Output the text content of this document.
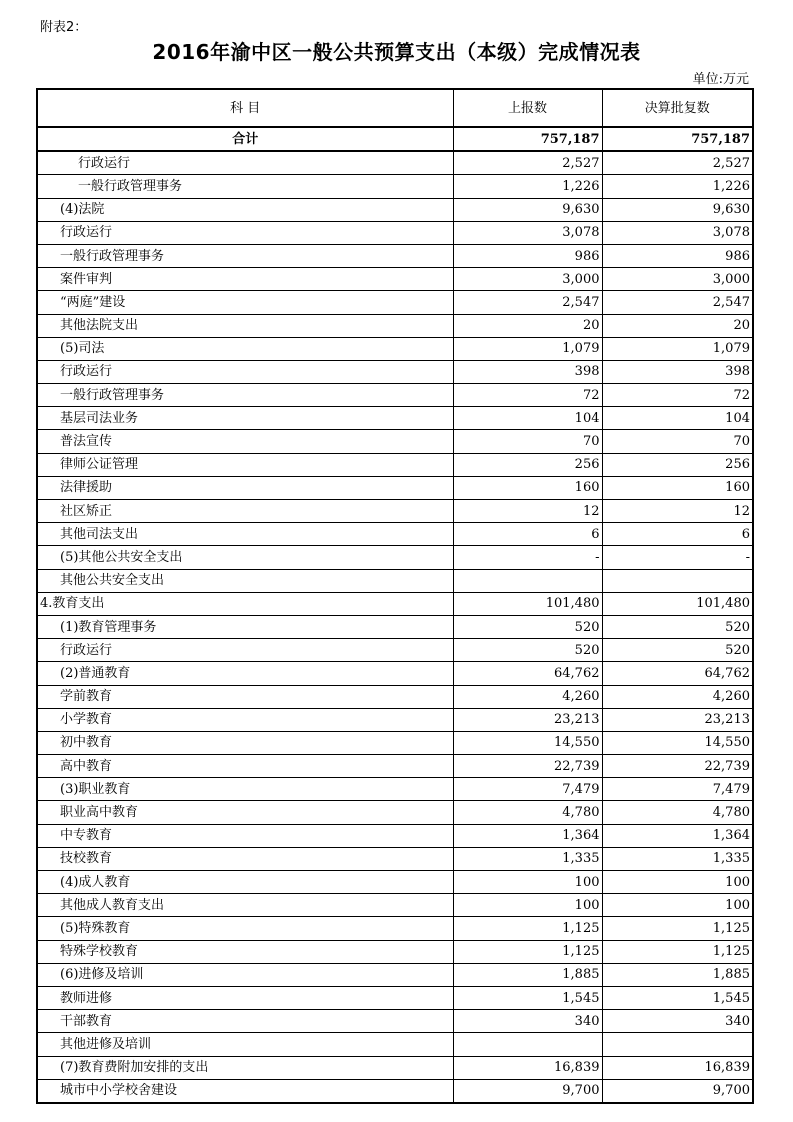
附表2：
2016年渝中区一般公共预算支出（本级）完成情况表
单位:万元
科 目	上报数	决算批复数
合计	757,187	757,187
行政运行	2,527	2,527
一般行政管理事务	1,226	1,226
(4)法院	9,630	9,630
行政运行	3,078	3,078
一般行政管理事务	986	986
案件审判	3,000	3,000
“两庭”建设	2,547	2,547
其他法院支出	20	20
(5)司法	1,079	1,079
行政运行	398	398
一般行政管理事务	72	72
基层司法业务	104	104
普法宣传	70	70
律师公证管理	256	256
法律援助	160	160
社区矫正	12	12
其他司法支出	6	6
(5)其他公共安全支出	-	-
其他公共安全支出		
4.教育支出	101,480	101,480
(1)教育管理事务	520	520
行政运行	520	520
(2)普通教育	64,762	64,762
学前教育	4,260	4,260
小学教育	23,213	23,213
初中教育	14,550	14,550
高中教育	22,739	22,739
(3)职业教育	7,479	7,479
职业高中教育	4,780	4,780
中专教育	1,364	1,364
技校教育	1,335	1,335
(4)成人教育	100	100
其他成人教育支出	100	100
(5)特殊教育	1,125	1,125
特殊学校教育	1,125	1,125
(6)进修及培训	1,885	1,885
教师进修	1,545	1,545
干部教育	340	340
其他进修及培训		
(7)教育费附加安排的支出	16,839	16,839
城市中小学校舍建设	9,700	9,700
